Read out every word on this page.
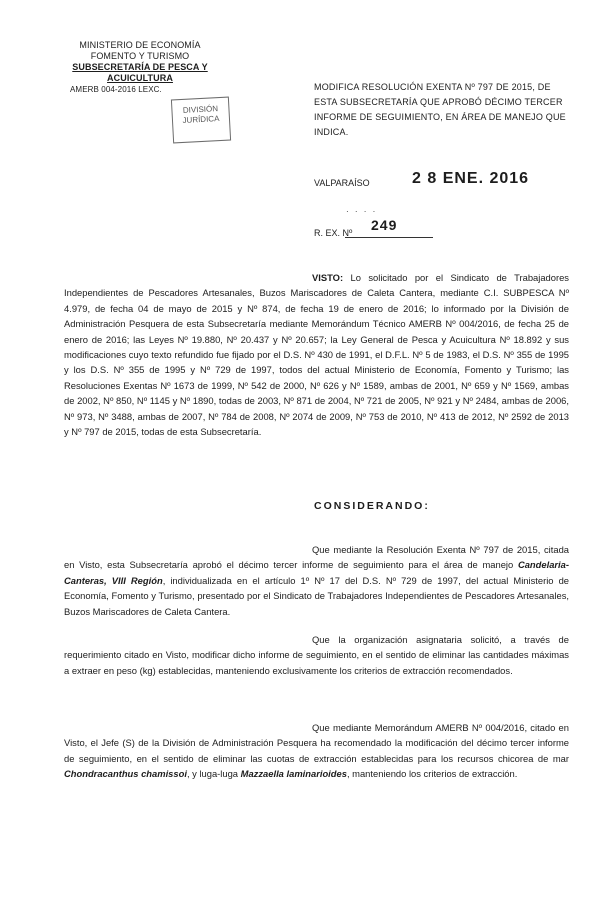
MINISTERIO DE ECONOMÍA
FOMENTO Y TURISMO
SUBSECRETARÍA DE PESCA Y ACUICULTURA
AMERB 004-2016 LEXC.
DIVISIÓN
JURÍDICA
MODIFICA RESOLUCIÓN EXENTA Nº 797 DE 2015, DE ESTA SUBSECRETARÍA QUE APROBÓ DÉCIMO TERCER INFORME DE SEGUIMIENTO, EN ÁREA DE MANEJO QUE INDICA.
VALPARAÍSO	2 8 ENE. 2016
· · · ·
249
R. EX. Nº
VISTO: Lo solicitado por el Sindicato de Trabajadores Independientes de Pescadores Artesanales, Buzos Mariscadores de Caleta Cantera, mediante C.I. SUBPESCA Nº 4.979, de fecha 04 de mayo de 2015 y Nº 874, de fecha 19 de enero de 2016; lo informado por la División de Administración Pesquera de esta Subsecretaría mediante Memorándum Técnico AMERB Nº 004/2016, de fecha 25 de enero de 2016; las Leyes Nº 19.880, Nº 20.437 y Nº 20.657; la Ley General de Pesca y Acuicultura Nº 18.892 y sus modificaciones cuyo texto refundido fue fijado por el D.S. Nº 430 de 1991, el D.F.L. Nº 5 de 1983, el D.S. Nº 355 de 1995 y los D.S. Nº 355 de 1995 y Nº 729 de 1997, todos del actual Ministerio de Economía, Fomento y Turismo; las Resoluciones Exentas Nº 1673 de 1999, Nº 542 de 2000, Nº 626 y Nº 1589, ambas de 2001, Nº 659 y Nº 1569, ambas de 2002, Nº 850, Nº 1145 y Nº 1890, todas de 2003, Nº 871 de 2004, Nº 721 de 2005, Nº 921 y Nº 2484, ambas de 2006, Nº 973, Nº 3488, ambas de 2007, Nº 784 de 2008, Nº 2074 de 2009, Nº 753 de 2010, Nº 413 de 2012, Nº 2592 de 2013 y Nº 797 de 2015, todas de esta Subsecretaría.
CONSIDERANDO:
Que mediante la Resolución Exenta Nº 797 de 2015, citada en Visto, esta Subsecretaría aprobó el décimo tercer informe de seguimiento para el área de manejo Candelaria-Canteras, VIII Región, individualizada en el artículo 1º Nº 17 del D.S. Nº 729 de 1997, del actual Ministerio de Economía, Fomento y Turismo, presentado por el Sindicato de Trabajadores Independientes de Pescadores Artesanales, Buzos Mariscadores de Caleta Cantera.
Que la organización asignataria solicitó, a través de requerimiento citado en Visto, modificar dicho informe de seguimiento, en el sentido de eliminar las cantidades máximas a extraer en peso (kg) establecidas, manteniendo exclusivamente los criterios de extracción recomendados.
Que mediante Memorándum AMERB Nº 004/2016, citado en Visto, el Jefe (S) de la División de Administración Pesquera ha recomendado la modificación del décimo tercer informe de seguimiento, en el sentido de eliminar las cuotas de extracción establecidas para los recursos chicorea de mar Chondracanthus chamissoi, y luga-luga Mazzaella laminarioides, manteniendo los criterios de extracción.
